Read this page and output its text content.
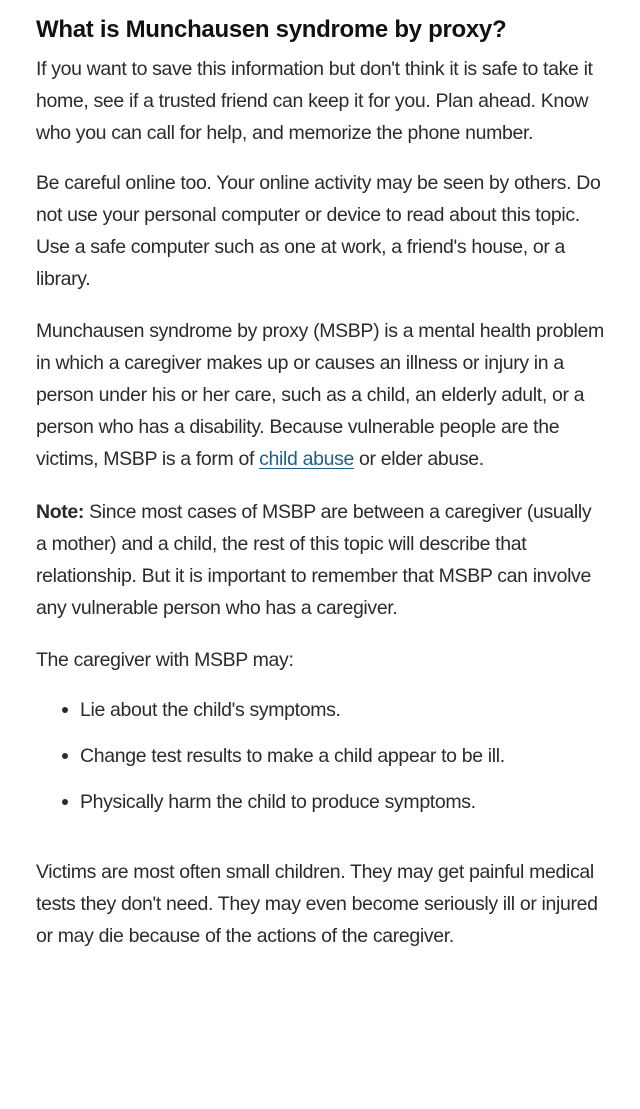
What is Munchausen syndrome by proxy?

If you want to save this information but don't think it is safe to take it home, see if a trusted friend can keep it for you. Plan ahead. Know who you can call for help, and memorize the phone number.

Be careful online too. Your online activity may be seen by others. Do not use your personal computer or device to read about this topic. Use a safe computer such as one at work, a friend's house, or a library.

Munchausen syndrome by proxy (MSBP) is a mental health problem in which a caregiver makes up or causes an illness or injury in a person under his or her care, such as a child, an elderly adult, or a person who has a disability. Because vulnerable people are the victims, MSBP is a form of child abuse or elder abuse.

Note: Since most cases of MSBP are between a caregiver (usually a mother) and a child, the rest of this topic will describe that relationship. But it is important to remember that MSBP can involve any vulnerable person who has a caregiver.

The caregiver with MSBP may:

Lie about the child's symptoms.
Change test results to make a child appear to be ill.
Physically harm the child to produce symptoms.

Victims are most often small children. They may get painful medical tests they don't need. They may even become seriously ill or injured or may die because of the actions of the caregiver.
